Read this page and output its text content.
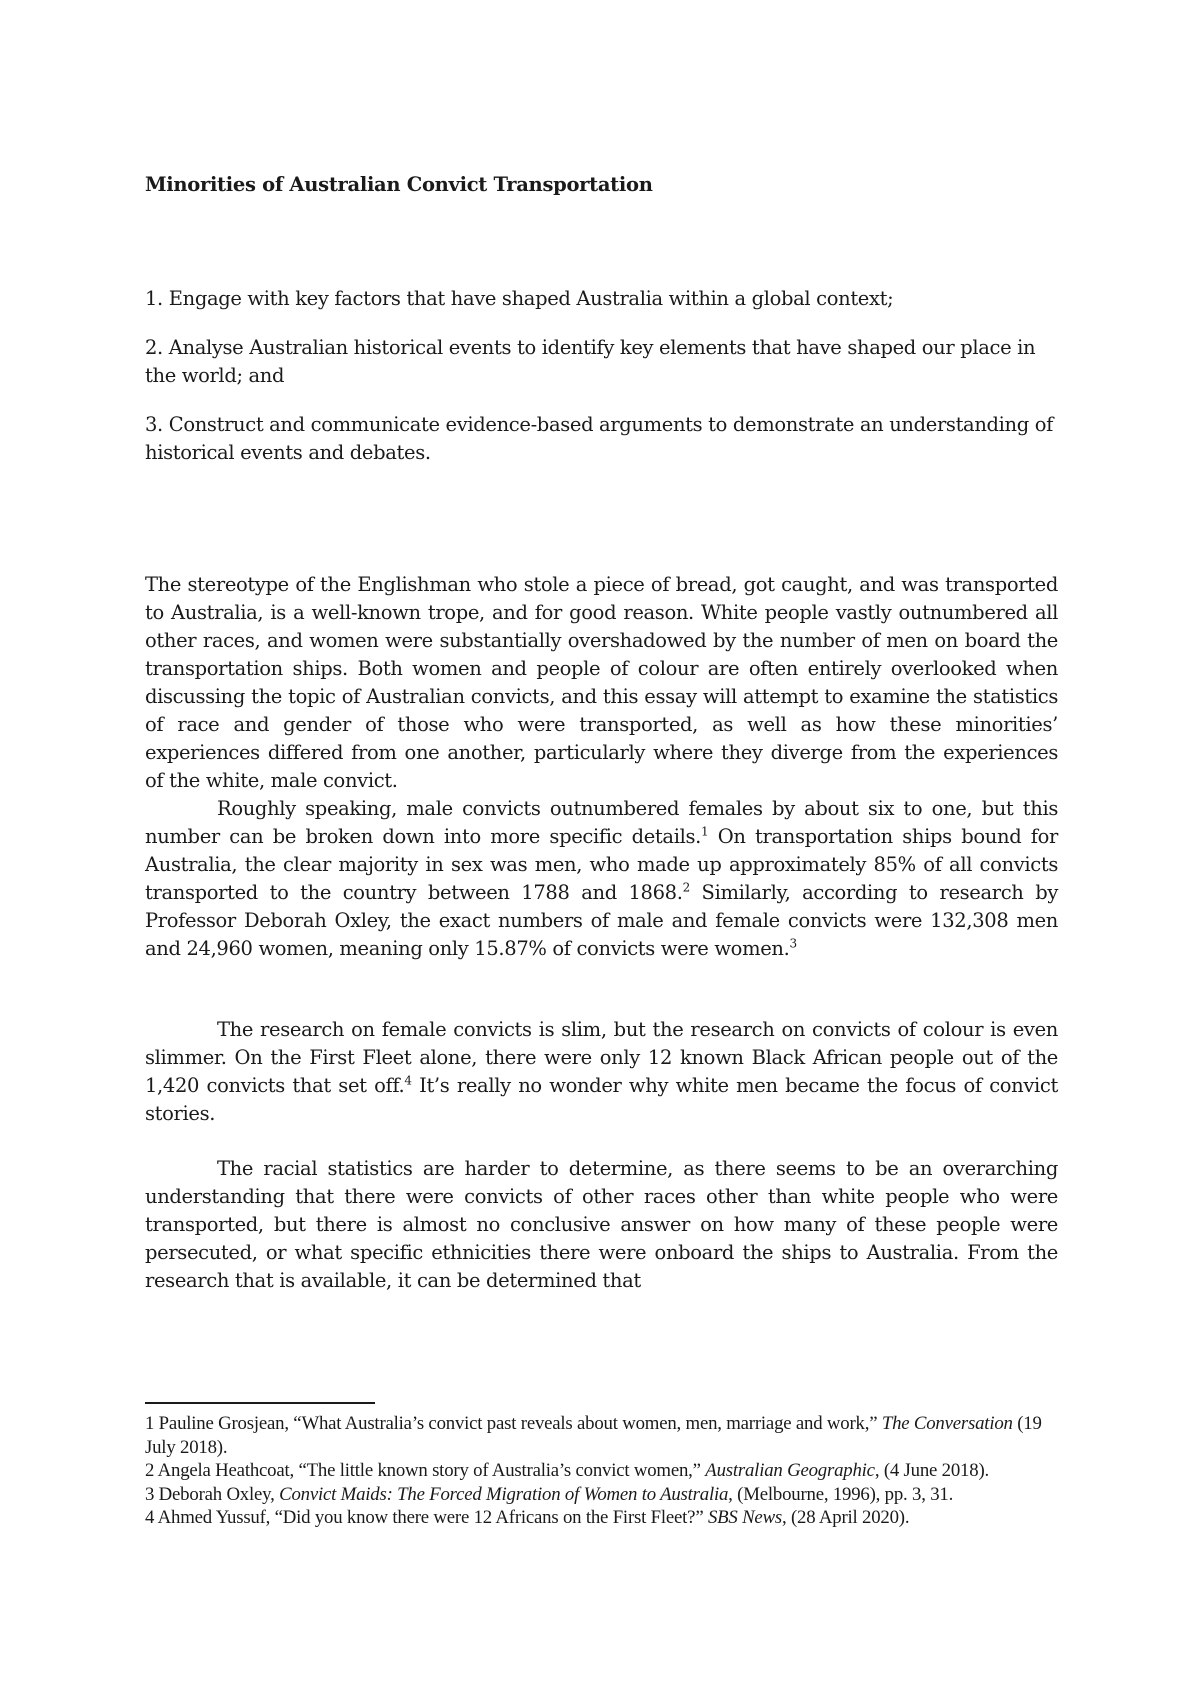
Minorities of Australian Convict Transportation

1. Engage with key factors that have shaped Australia within a global context;

2. Analyse Australian historical events to identify key elements that have shaped our place in the world; and

3. Construct and communicate evidence-based arguments to demonstrate an understanding of historical events and debates.

The stereotype of the Englishman who stole a piece of bread, got caught, and was transported to Australia, is a well-known trope, and for good reason. White people vastly outnumbered all other races, and women were substantially overshadowed by the number of men on board the transportation ships. Both women and people of colour are often entirely overlooked when discussing the topic of Australian convicts, and this essay will attempt to examine the statistics of race and gender of those who were transported, as well as how these minorities’ experiences differed from one another, particularly where they diverge from the experiences of the white, male convict.

Roughly speaking, male convicts outnumbered females by about six to one, but this number can be broken down into more specific details.$^1$ On transportation ships bound for Australia, the clear majority in sex was men, who made up approximately 85% of all convicts transported to the country between 1788 and 1868.$^2$ Similarly, according to research by Professor Deborah Oxley, the exact numbers of male and female convicts were 132,308 men and 24,960 women, meaning only 15.87% of convicts were women.$^3$

The research on female convicts is slim, but the research on convicts of colour is even slimmer. On the First Fleet alone, there were only 12 known Black African people out of the 1,420 convicts that set off.$^4$ It’s really no wonder why white men became the focus of convict stories.

The racial statistics are harder to determine, as there seems to be an overarching understanding that there were convicts of other races other than white people who were transported, but there is almost no conclusive answer on how many of these people were persecuted, or what specific ethnicities there were onboard the ships to Australia. From the research that is available, it can be determined that

1 Pauline Grosjean, “What Australia’s convict past reveals about women, men, marriage and work,” The Conversation (19 July 2018).

2 Angela Heathcoat, “The little known story of Australia’s convict women,” Australian Geographic, (4 June 2018).

3 Deborah Oxley, Convict Maids: The Forced Migration of Women to Australia, (Melbourne, 1996), pp. 3, 31.

4 Ahmed Yussuf, “Did you know there were 12 Africans on the First Fleet?” SBS News, (28 April 2020).
